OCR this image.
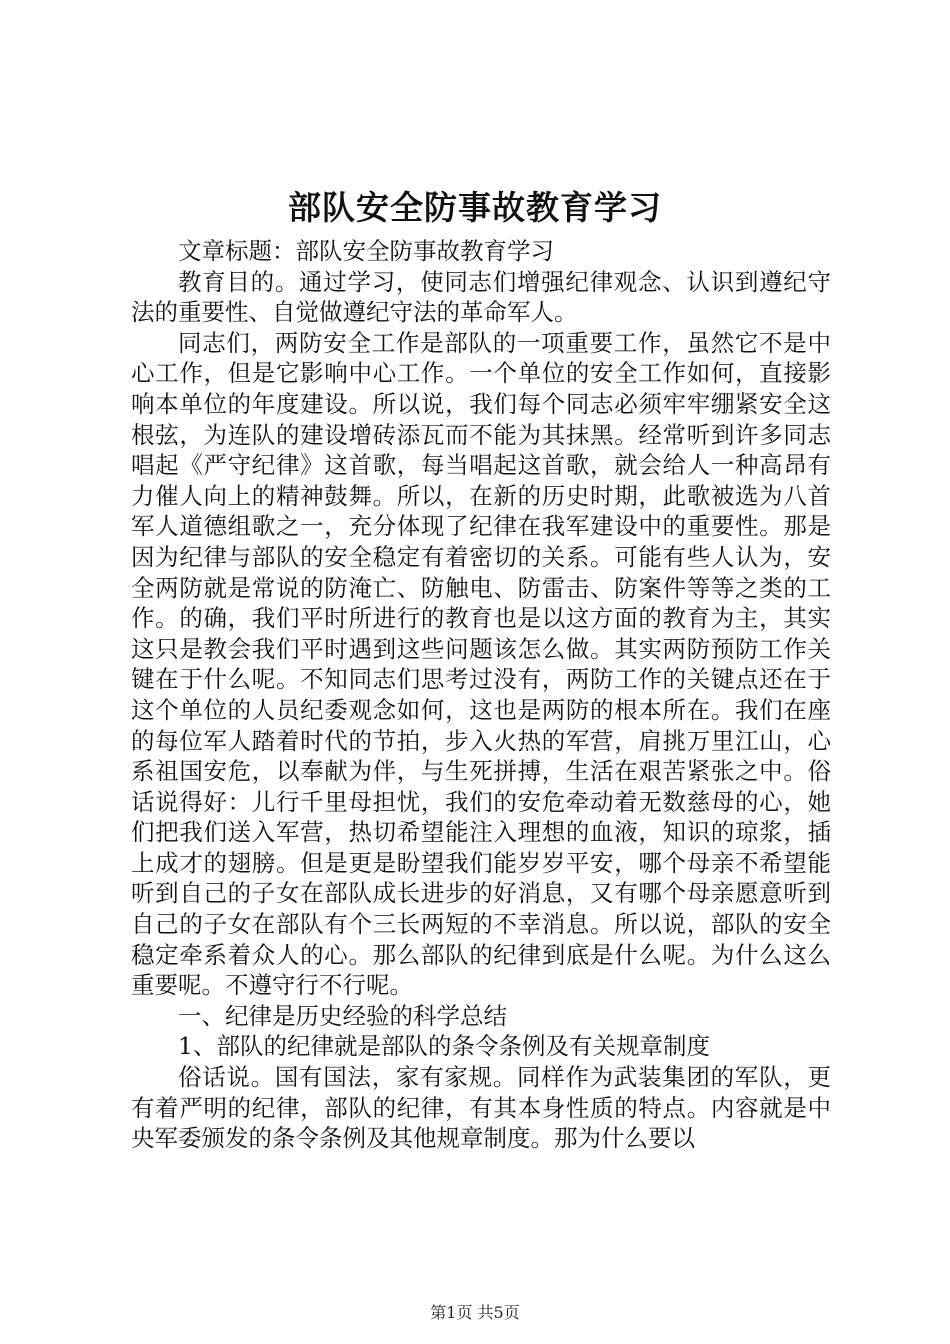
部队安全防事故教育学习

文章标题：部队安全防事故教育学习

教育目的。通过学习，使同志们增强纪律观念、认识到遵纪守法的重要性、自觉做遵纪守法的革命军人。

同志们，两防安全工作是部队的一项重要工作，虽然它不是中心工作，但是它影响中心工作。一个单位的安全工作如何，直接影响本单位的年度建设。所以说，我们每个同志必须牢牢绷紧安全这根弦，为连队的建设增砖添瓦而不能为其抹黑。经常听到许多同志唱起《严守纪律》这首歌，每当唱起这首歌，就会给人一种高昂有力催人向上的精神鼓舞。所以，在新的历史时期，此歌被选为八首军人道德组歌之一，充分体现了纪律在我军建设中的重要性。那是因为纪律与部队的安全稳定有着密切的关系。可能有些人认为，安全两防就是常说的防淹亡、防触电、防雷击、防案件等等之类的工作。的确，我们平时所进行的教育也是以这方面的教育为主，其实这只是教会我们平时遇到这些问题该怎么做。其实两防预防工作关键在于什么呢。不知同志们思考过没有，两防工作的关键点还在于这个单位的人员纪委观念如何，这也是两防的根本所在。我们在座的每位军人踏着时代的节拍，步入火热的军营，肩挑万里江山，心系祖国安危，以奉献为伴，与生死拼搏，生活在艰苦紧张之中。俗话说得好：儿行千里母担忧，我们的安危牵动着无数慈母的心，她们把我们送入军营，热切希望能注入理想的血液，知识的琼浆，插上成才的翅膀。但是更是盼望我们能岁岁平安，哪个母亲不希望能听到自己的子女在部队成长进步的好消息，又有哪个母亲愿意听到自己的子女在部队有个三长两短的不幸消息。所以说，部队的安全稳定牵系着众人的心。那么部队的纪律到底是什么呢。为什么这么重要呢。不遵守行不行呢。

一、纪律是历史经验的科学总结

1、部队的纪律就是部队的条令条例及有关规章制度

俗话说。国有国法，家有家规。同样作为武装集团的军队，更有着严明的纪律，部队的纪律，有其本身性质的特点。内容就是中央军委颁发的条令条例及其他规章制度。那为什么要以

第1页 共5页
